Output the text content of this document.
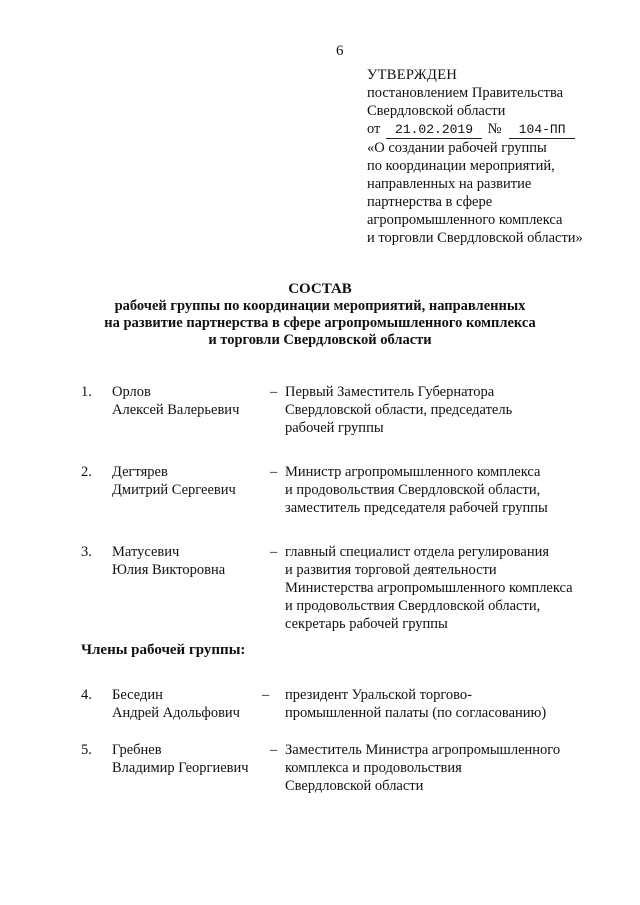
6
УТВЕРЖДЕН
постановлением Правительства
Свердловской области
от 21.02.2019 № 104-ПП
«О создании рабочей группы
по координации мероприятий,
направленных на развитие
партнерства в сфере
агропромышленного комплекса
и торговли Свердловской области»
СОСТАВ
рабочей группы по координации мероприятий, направленных
на развитие партнерства в сфере агропромышленного комплекса
и торговли Свердловской области
1. Орлов
Алексей Валерьевич
– Первый Заместитель Губернатора
Свердловской области, председатель
рабочей группы
2. Дегтярев
Дмитрий Сергеевич
– Министр агропромышленного комплекса
и продовольствия Свердловской области,
заместитель председателя рабочей группы
3. Матусевич
Юлия Викторовна
– главный специалист отдела регулирования
и развития торговой деятельности
Министерства агропромышленного комплекса
и продовольствия Свердловской области,
секретарь рабочей группы
Члены рабочей группы:
4. Беседин
Андрей Адольфович
– президент Уральской торгово-
промышленной палаты (по согласованию)
5. Гребнев
Владимир Георгиевич
– Заместитель Министра агропромышленного
комплекса и продовольствия
Свердловской области
